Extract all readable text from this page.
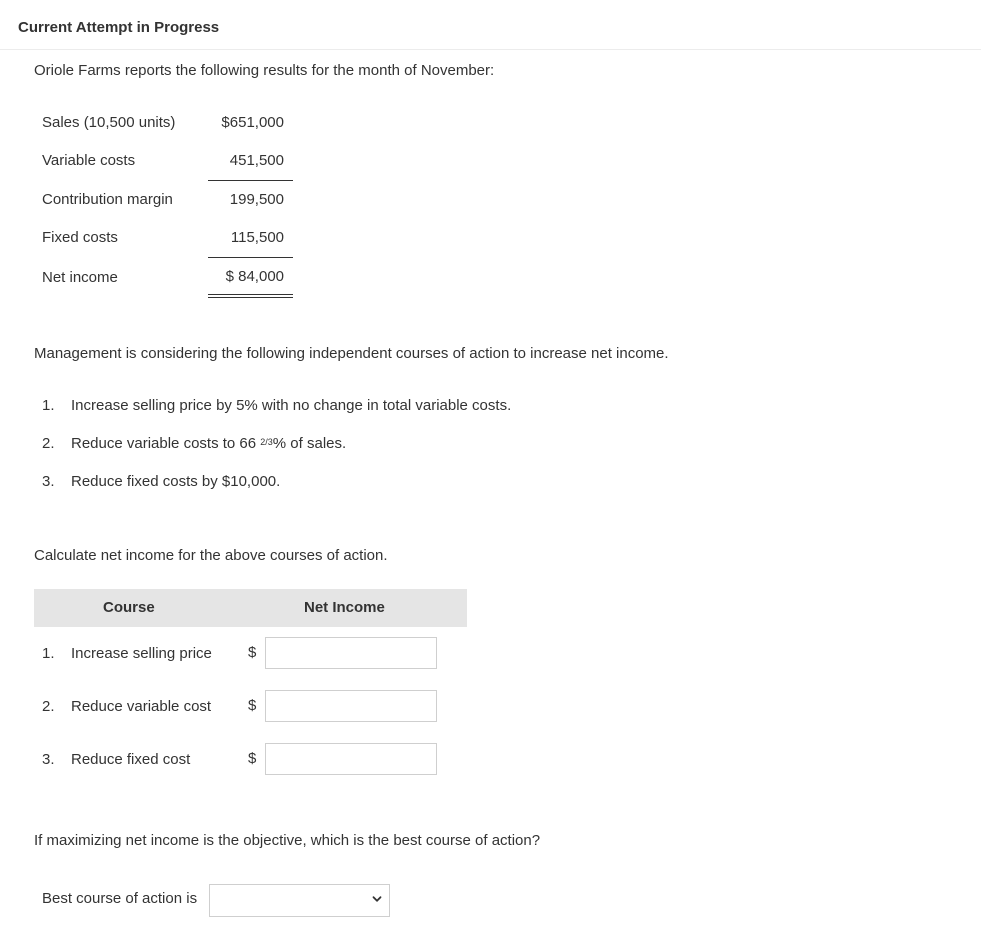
Current Attempt in Progress
Oriole Farms reports the following results for the month of November:
Sales (10,500 units)	$651,000
Variable costs	451,500
Contribution margin	199,500
Fixed costs	115,500
Net income	$ 84,000
Management is considering the following independent courses of action to increase net income.
1. Increase selling price by 5% with no change in total variable costs.
2. Reduce variable costs to 66 $^{2/3}$% of sales.
3. Reduce fixed costs by $10,000.
Calculate net income for the above courses of action.
Course	Net Income
1. Increase selling price $
2. Reduce variable cost $
3. Reduce fixed cost	$
If maximizing net income is the objective, which is the best course of action?
Best course of action is
